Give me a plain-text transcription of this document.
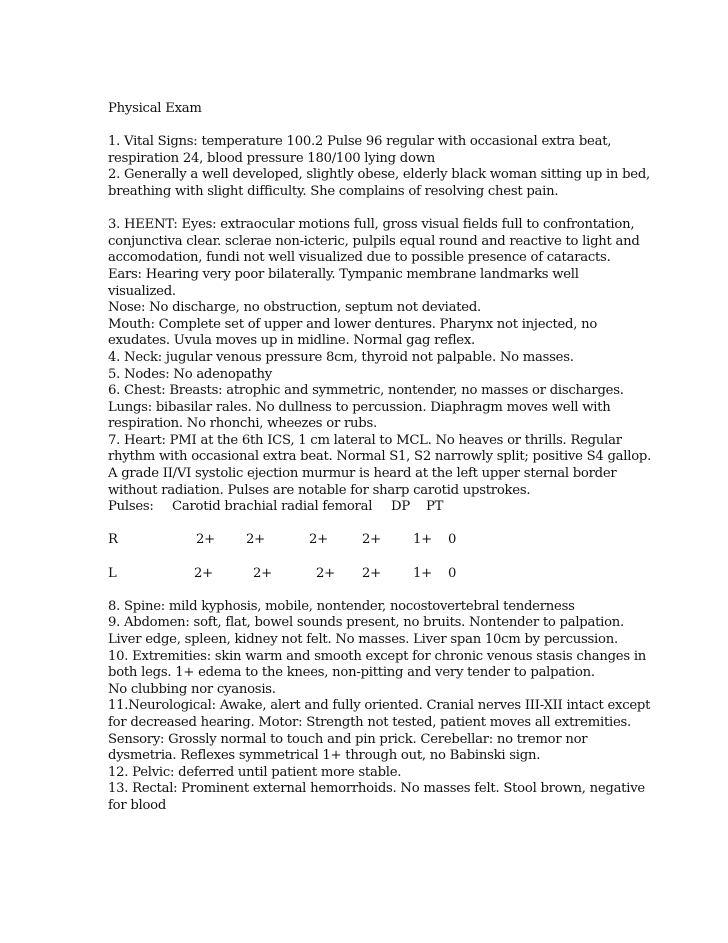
Physical Exam
1. Vital Signs: temperature 100.2 Pulse 96 regular with occasional extra beat,
respiration 24, blood pressure 180/100 lying down
2. Generally a well developed, slightly obese, elderly black woman sitting up in bed,
breathing with slight difficulty. She complains of resolving chest pain.
3. HEENT: Eyes: extraocular motions full, gross visual fields full to confrontation,
conjunctiva clear. sclerae non-icteric, pulpils equal round and reactive to light and
accomodation, fundi not well visualized due to possible presence of cataracts.
Ears: Hearing very poor bilaterally. Tympanic membrane landmarks well
visualized.
Nose: No discharge, no obstruction, septum not deviated.
Mouth: Complete set of upper and lower dentures. Pharynx not injected, no
exudates. Uvula moves up in midline. Normal gag reflex.
4. Neck: jugular venous pressure 8cm, thyroid not palpable. No masses.
5. Nodes: No adenopathy
6. Chest: Breasts: atrophic and symmetric, nontender, no masses or discharges.
Lungs: bibasilar rales. No dullness to percussion. Diaphragm moves well with
respiration. No rhonchi, wheezes or rubs.
7. Heart: PMI at the 6th ICS, 1 cm lateral to MCL. No heaves or thrills. Regular
rhythm with occasional extra beat. Normal S1, S2 narrowly split; positive S4 gallop.
A grade II/VI systolic ejection murmur is heard at the left upper sternal border
without radiation. Pulses are notable for sharp carotid upstrokes.
Pulses: Carotid brachial radial femoral DP PT
R	2+ 2+	2+	2+ 1+ 0
L	2+	2+	2+ 2+ 1+ 0
8. Spine: mild kyphosis, mobile, nontender, nocostovertebral tenderness
9. Abdomen: soft, flat, bowel sounds present, no bruits. Nontender to palpation.
Liver edge, spleen, kidney not felt. No masses. Liver span 10cm by percussion.
10. Extremities: skin warm and smooth except for chronic venous stasis changes in
both legs. 1+ edema to the knees, non-pitting and very tender to palpation.
No clubbing nor cyanosis.
11.Neurological: Awake, alert and fully oriented. Cranial nerves III-XII intact except
for decreased hearing. Motor: Strength not tested, patient moves all extremities.
Sensory: Grossly normal to touch and pin prick. Cerebellar: no tremor nor
dysmetria. Reflexes symmetrical 1+ through out, no Babinski sign.
12. Pelvic: deferred until patient more stable.
13. Rectal: Prominent external hemorrhoids. No masses felt. Stool brown, negative
for blood
